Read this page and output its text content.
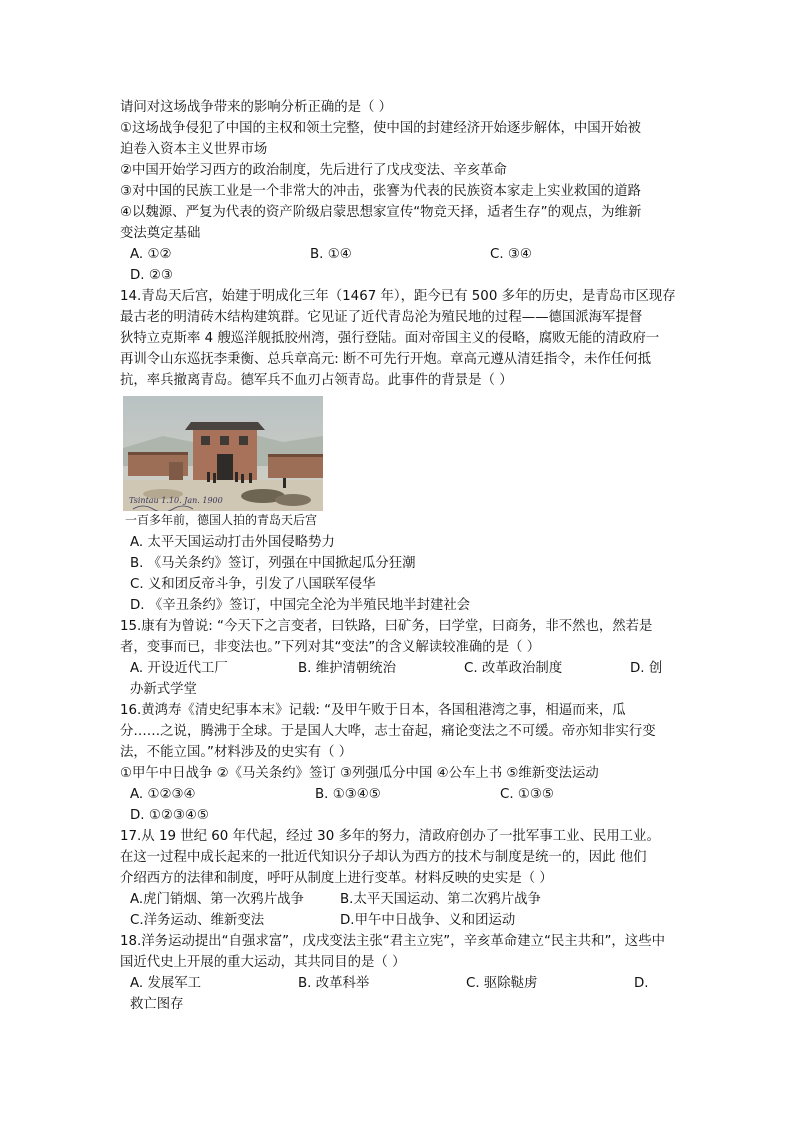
请问对这场战争带来的影响分析正确的是（ ）
①这场战争侵犯了中国的主权和领土完整，使中国的封建经济开始逐步解体，中国开始被
迫卷入资本主义世界市场
②中国开始学习西方的政治制度，先后进行了戊戌变法、辛亥革命
③对中国的民族工业是一个非常大的冲击，张謇为代表的民族资本家走上实业救国的道路
④以魏源、严复为代表的资产阶级启蒙思想家宣传“物竞天择，适者生存”的观点，为维新
变法奠定基础
A. ①②	B. ①④	C. ③④
D. ②③
14.青岛天后宫，始建于明成化三年（1467 年），距今已有 500 多年的历史，是青岛市区现存
最古老的明清砖木结构建筑群。它见证了近代青岛沦为殖民地的过程——德国派海军提督
狄特立克斯率 4 艘巡洋舰抵胶州湾，强行登陆。面对帝国主义的侵略，腐败无能的清政府一
再训令山东巡抚李秉衡、总兵章高元: 断不可先行开炮。章高元遵从清廷指令，未作任何抵
抗，率兵撤离青岛。德军兵不血刃占领青岛。此事件的背景是（ ）
Tsintau 1.10. Jan. 1900
一百多年前，德国人拍的青岛天后宫
A. 太平天国运动打击外国侵略势力
B. 《马关条约》签订，列强在中国掀起瓜分狂潮
C. 义和团反帝斗争，引发了八国联军侵华
D. 《辛丑条约》签订，中国完全沦为半殖民地半封建社会
15.康有为曾说: “今天下之言变者，曰铁路，曰矿务，曰学堂，曰商务，非不然也，然若是
者，变事而已，非变法也。”下列对其“变法”的含义解读较准确的是（ ）
A. 开设近代工厂	B. 维护清朝统治	C. 改革政治制度	D. 创
办新式学堂
16.黄鸿寿《清史纪事本末》记载: “及甲午败于日本，各国租港湾之事，相逼而来，瓜
分……之说，腾沸于全球。于是国人大哗，志士奋起，痛论变法之不可缓。帝亦知非实行变
法，不能立国。”材料涉及的史实有（ ）
①甲午中日战争 ②《马关条约》签订 ③列强瓜分中国 ④公车上书 ⑤维新变法运动
A. ①②③④	B. ①③④⑤	C. ①③⑤
D. ①②③④⑤
17.从 19 世纪 60 年代起，经过 30 多年的努力，清政府创办了一批军事工业、民用工业。
在这一过程中成长起来的一批近代知识分子却认为西方的技术与制度是统一的，因此 他们
介绍西方的法律和制度，呼吁从制度上进行变革。材料反映的史实是（ ）
A.虎门销烟、第一次鸦片战争	B.太平天国运动、第二次鸦片战争
C.洋务运动、维新变法	D.甲午中日战争、义和团运动
18.洋务运动提出“自强求富”，戊戌变法主张“君主立宪”，辛亥革命建立“民主共和”，这些中
国近代史上开展的重大运动，其共同目的是（ ）
A. 发展军工	B. 改革科举	C. 驱除鞑虏	D.
救亡图存
